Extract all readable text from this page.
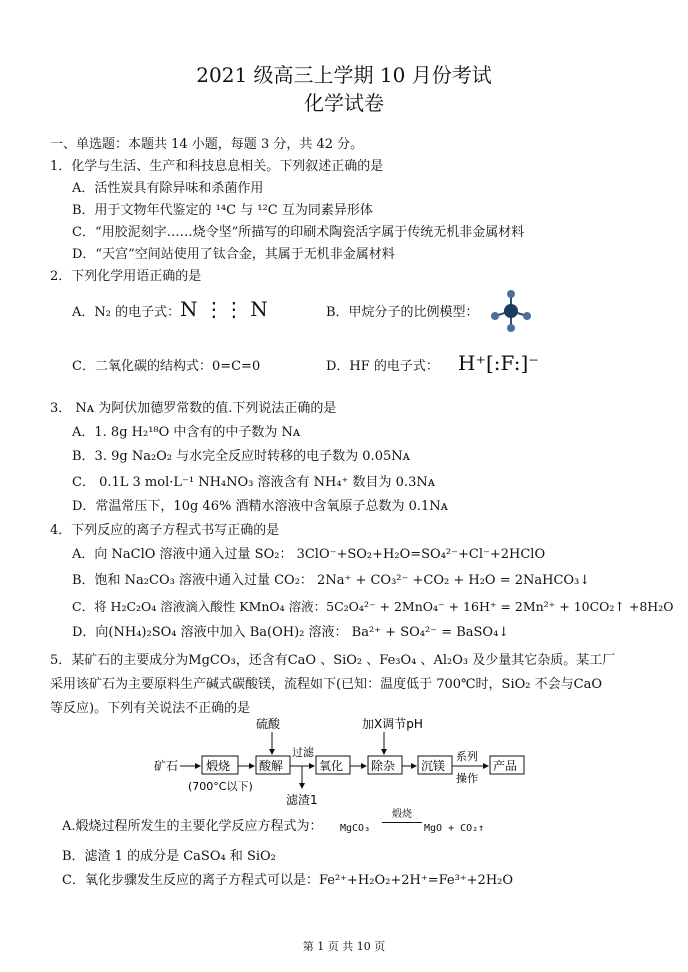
2021 级高三上学期 10 月份考试
化学试卷
一、单选题：本题共 14 小题，每题 3 分，共 42 分。
1．化学与生活、生产和科技息息相关。下列叙述正确的是
A．活性炭具有除异味和杀菌作用
B．用于文物年代鉴定的 ¹⁴C 与 ¹²C 互为同素异形体
C．“用胶泥刻字……烧令坚”所描写的印刷术陶瓷活字属于传统无机非金属材料
D．“天宫”空间站使用了钛合金，其属于无机非金属材料
2．下列化学用语正确的是
A．N₂ 的电子式： N ⋮⋮ N	B．甲烷分子的比例模型：
C．二氧化碳的结构式：0=C=0	D．HF 的电子式： H⁺[:F:]⁻
3． Nᴀ 为阿伏加德罗常数的值.下列说法正确的是
A．1. 8g H₂¹⁸O 中含有的中子数为 Nᴀ
B．3. 9g Na₂O₂ 与水完全反应时转移的电子数为 0.05Nᴀ
C． 0.1L 3 mol·L⁻¹ NH₄NO₃ 溶液含有 NH₄⁺ 数目为 0.3Nᴀ
D．常温常压下，10g 46% 酒精水溶液中含氧原子总数为 0.1Nᴀ
4．下列反应的离子方程式书写正确的是
A．向 NaClO 溶液中通入过量 SO₂： 3ClO⁻+SO₂+H₂O=SO₄²⁻+Cl⁻+2HClO
B．饱和 Na₂CO₃ 溶液中通入过量 CO₂： 2Na⁺ + CO₃²⁻ +CO₂ + H₂O = 2NaHCO₃↓
C．将 H₂C₂O₄ 溶液滴入酸性 KMnO₄ 溶液：5C₂O₄²⁻ + 2MnO₄⁻ + 16H⁺ = 2Mn²⁺ + 10CO₂↑ +8H₂O
D．向(NH₄)₂SO₄ 溶液中加入 Ba(OH)₂ 溶液： Ba²⁺ + SO₄²⁻ = BaSO₄↓
5．某矿石的主要成分为MgCO₃，还含有CaO 、SiO₂ 、Fe₃O₄ 、Al₂O₃ 及少量其它杂质。某工厂
采用该矿石为主要原料生产碱式碳酸镁，流程如下(已知：温度低于 700℃时，SiO₂ 不会与CaO
等反应)。下列有关说法不正确的是
矿石 煅烧
(700°C以下)
硫酸
酸解
过滤
滤渣1
氧化
加X调节pH
除杂 沉镁
系列
操作
产品
A.煅烧过程所发生的主要化学反应方程式为： MgCO₃
煅烧
MgO + CO₂↑
B．滤渣 1 的成分是 CaSO₄ 和 SiO₂
C．氧化步骤发生反应的离子方程式可以是：Fe²⁺+H₂O₂+2H⁺=Fe³⁺+2H₂O
第 1 页 共 10 页
